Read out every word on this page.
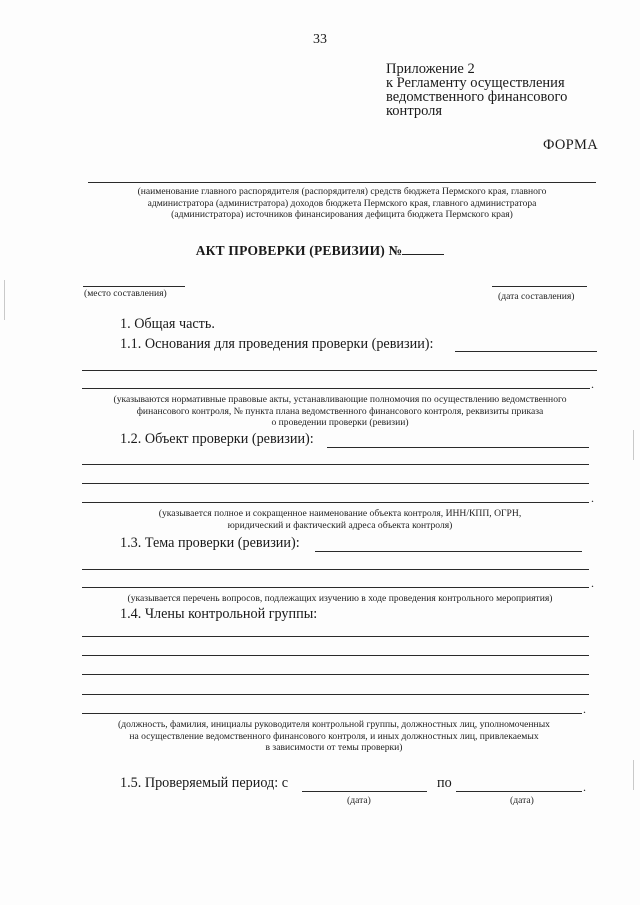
33
Приложение 2
к Регламенту осуществления
ведомственного финансового
контроля
ФОРМА
(наименование главного распорядителя (распорядителя) средств бюджета Пермского края, главного
администратора (администратора) доходов бюджета Пермского края, главного администратора
(администратора) источников финансирования дефицита бюджета Пермского края)
АКТ ПРОВЕРКИ (РЕВИЗИИ) №
(место составления)	(дата составления)
1. Общая часть.
1.1. Основания для проведения проверки (ревизии):
.
(указываются нормативные правовые акты, устанавливающие полномочия по осуществлению ведомственного
финансового контроля, № пункта плана ведомственного финансового контроля, реквизиты приказа
о проведении проверки (ревизии)
1.2. Объект проверки (ревизии):
.
(указывается полное и сокращенное наименование объекта контроля, ИНН/КПП, ОГРН,
юридический и фактический адреса объекта контроля)
1.3. Тема проверки (ревизии):
.
(указывается перечень вопросов, подлежащих изучению в ходе проведения контрольного мероприятия)
1.4. Члены контрольной группы:
.
(должность, фамилия, инициалы руководителя контрольной группы, должностных лиц, уполномоченных
на осуществление ведомственного финансового контроля, и иных должностных лиц, привлекаемых
в зависимости от темы проверки)
1.5. Проверяемый период: с	по	.
(дата)	(дата)
